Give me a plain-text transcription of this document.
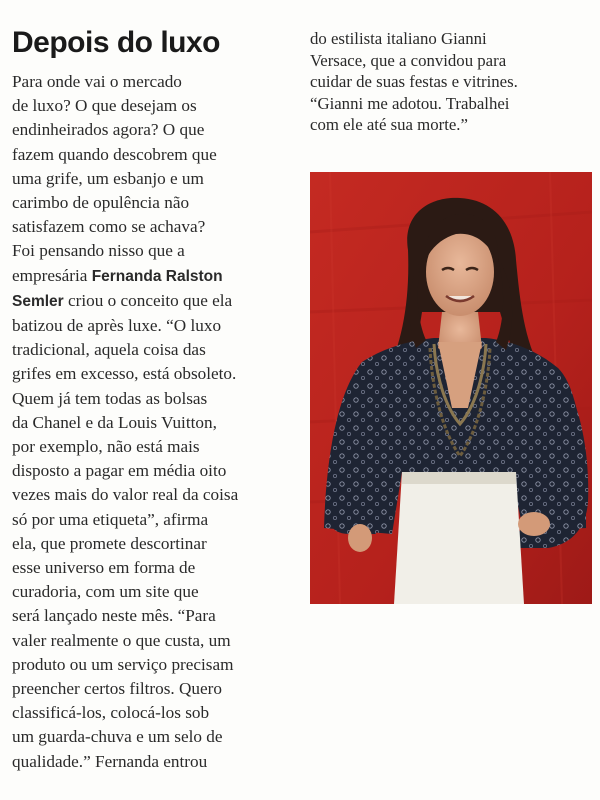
Depois do luxo
Para onde vai o mercado
de luxo? O que desejam os
endinheirados agora? O que
fazem quando descobrem que
uma grife, um esbanjo e um
carimbo de opulência não
satisfazem como se achava?
Foi pensando nisso que a
empresária Fernanda Ralston
Semler criou o conceito que ela
batizou de après luxe. “O luxo
tradicional, aquela coisa das
grifes em excesso, está obsoleto.
Quem já tem todas as bolsas
da Chanel e da Louis Vuitton,
por exemplo, não está mais
disposto a pagar em média oito
vezes mais do valor real da coisa
só por uma etiqueta”, afirma
ela, que promete descortinar
esse universo em forma de
curadoria, com um site que
será lançado neste mês. “Para
valer realmente o que custa, um
produto ou um serviço precisam
preencher certos filtros. Quero
classificá-los, colocá-los sob
um guarda-chuva e um selo de
qualidade.” Fernanda entrou
do estilista italiano Gianni
Versace, que a convidou para
cuidar de suas festas e vitrines.
“Gianni me adotou. Trabalhei
com ele até sua morte.”
